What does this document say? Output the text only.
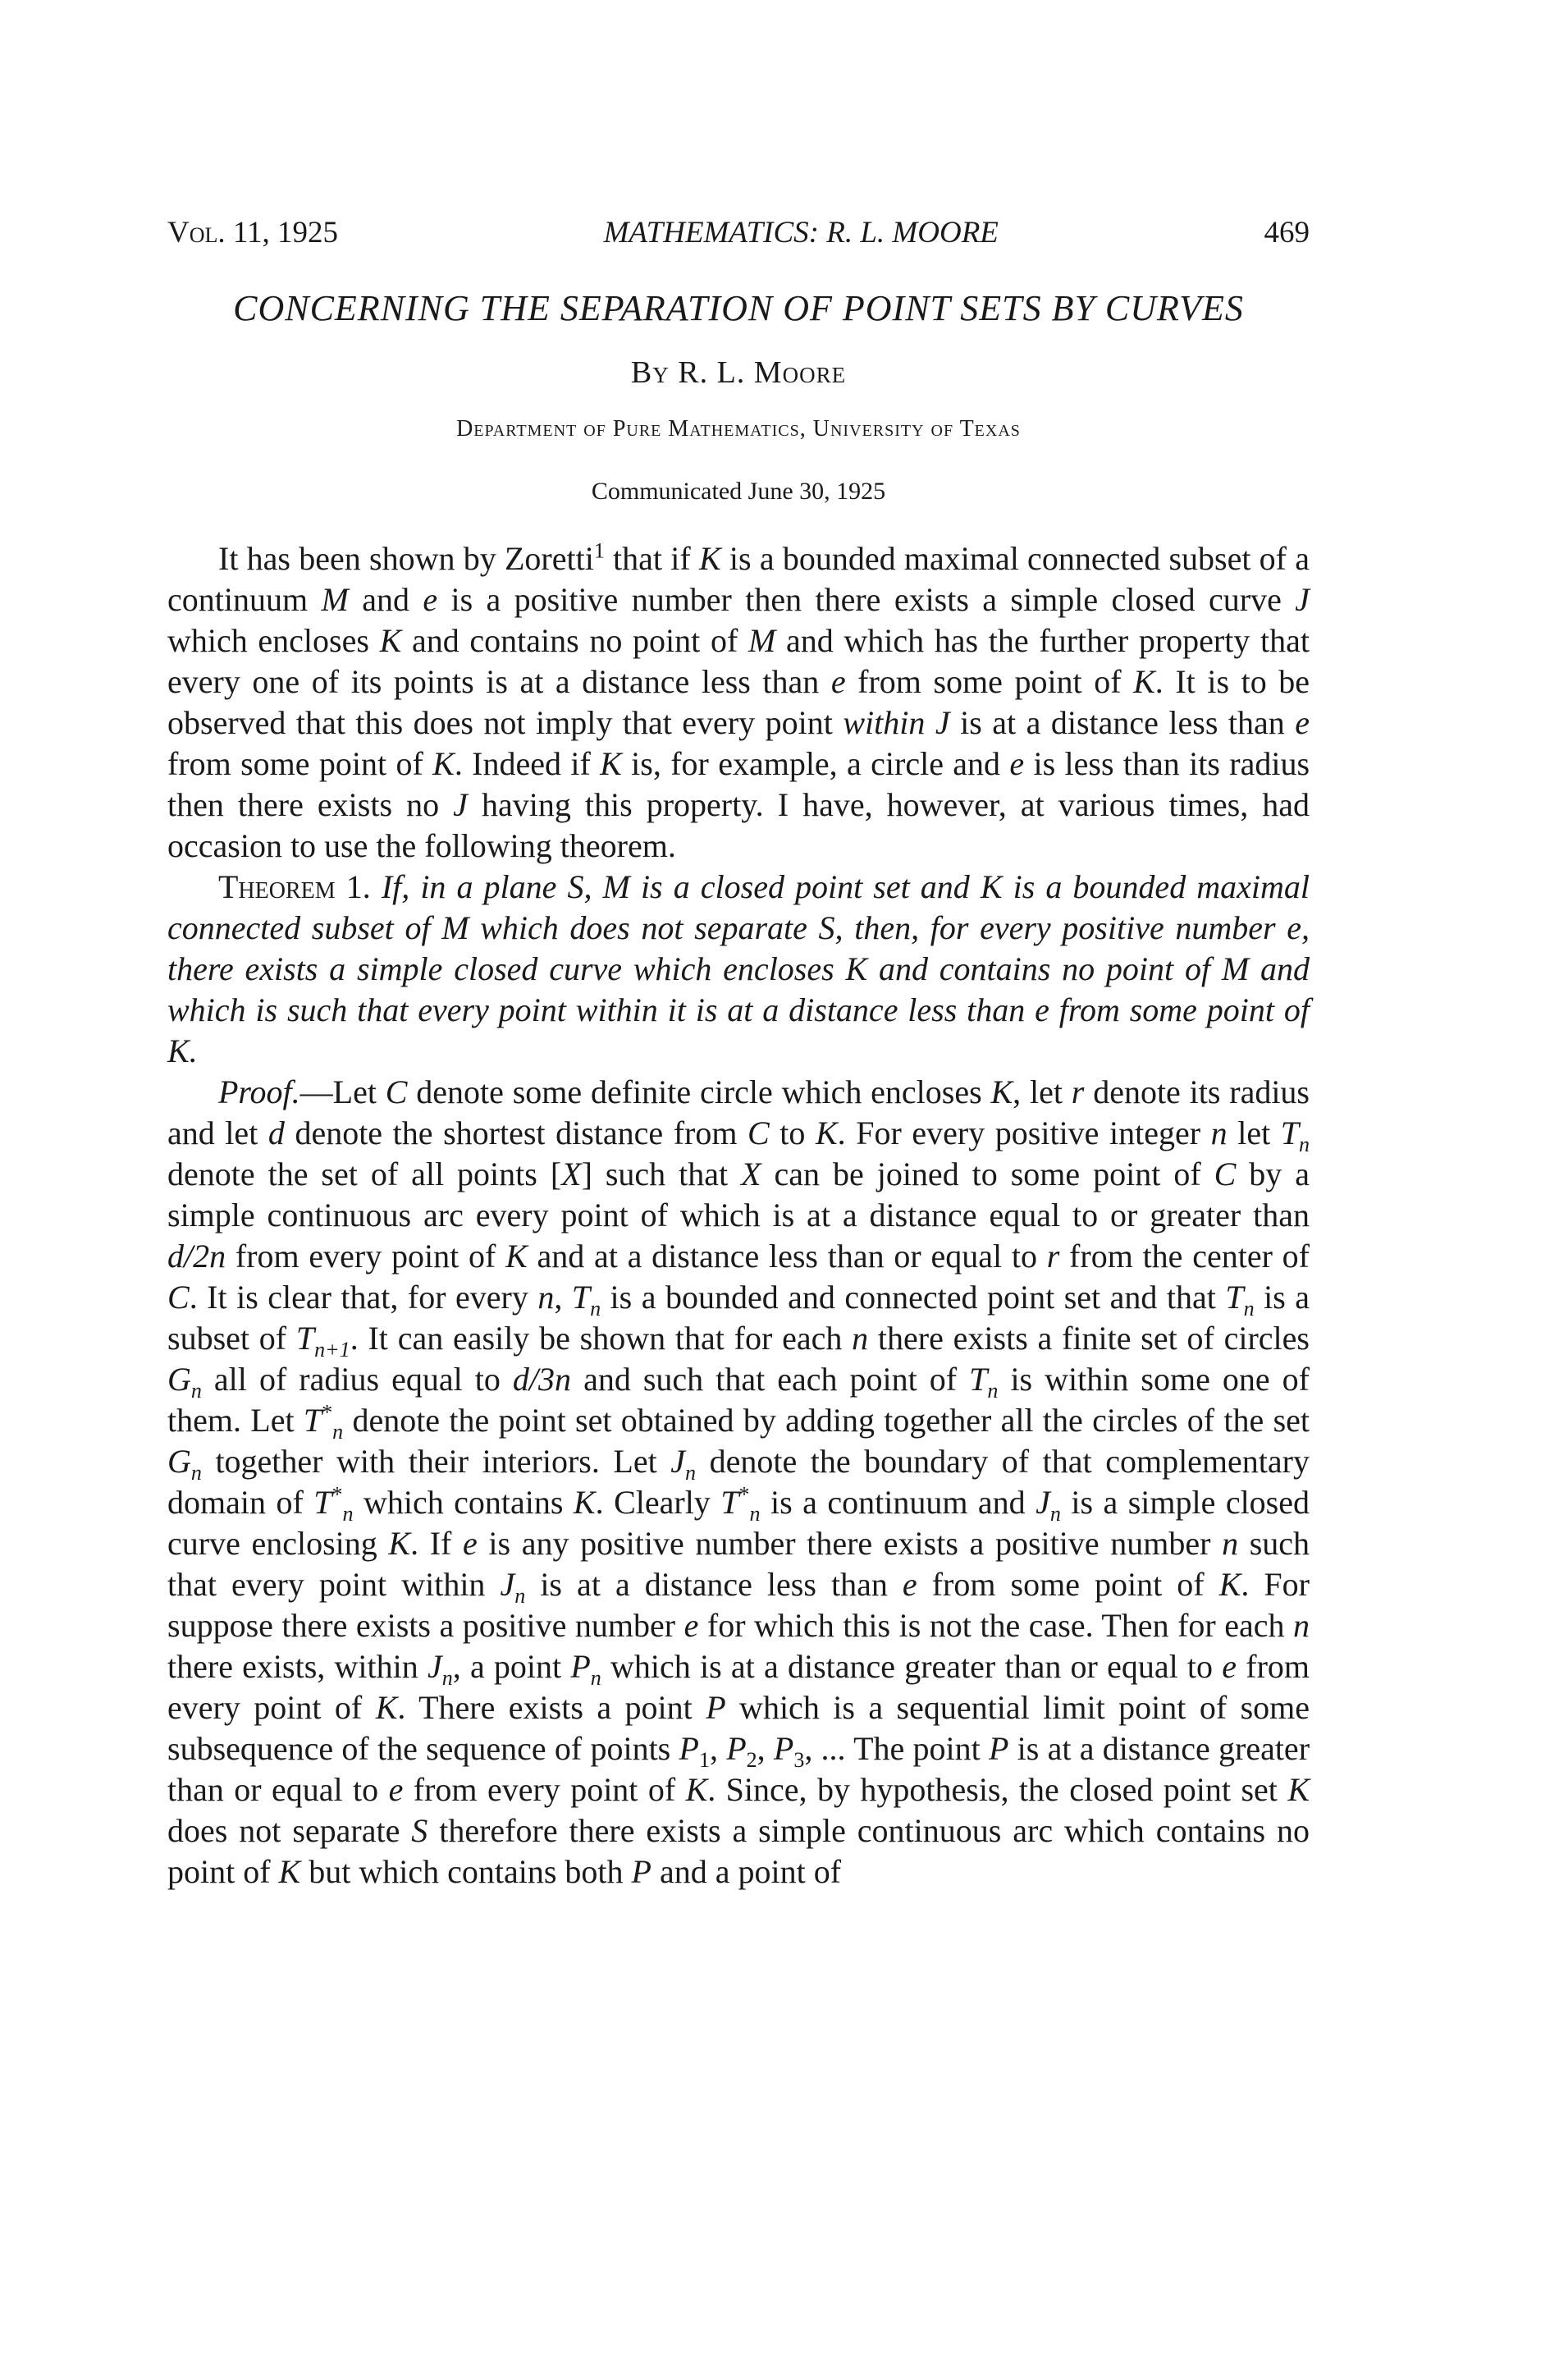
Vol. 11, 1925	MATHEMATICS: R. L. MOORE	469
CONCERNING THE SEPARATION OF POINT SETS BY CURVES
By R. L. Moore
Department of Pure Mathematics, University of Texas
Communicated June 30, 1925

It has been shown by Zoretti$^1$ that if K is a bounded maximal connected subset of a continuum M and e is a positive number then there exists a simple closed curve J which encloses K and contains no point of M and which has the further property that every one of its points is at a distance less than e from some point of K. It is to be observed that this does not imply that every point within J is at a distance less than e from some point of K. Indeed if K is, for example, a circle and e is less than its radius then there exists no J having this property. I have, however, at various times, had occasion to use the following theorem.

Theorem 1. If, in a plane S, M is a closed point set and K is a bounded maximal connected subset of M which does not separate S, then, for every positive number e, there exists a simple closed curve which encloses K and contains no point of M and which is such that every point within it is at a distance less than e from some point of K.

Proof.—Let C denote some definite circle which encloses K, let r denote its radius and let d denote the shortest distance from C to K. For every positive integer n let $T_n$ denote the set of all points [X] such that X can be joined to some point of C by a simple continuous arc every point of which is at a distance equal to or greater than d/2n from every point of K and at a distance less than or equal to r from the center of C. It is clear that, for every n, $T_n$ is a bounded and connected point set and that $T_n$ is a subset of $T_{n+1}$. It can easily be shown that for each n there exists a finite set of circles $G_n$ all of radius equal to d/3n and such that each point of $T_n$ is within some one of them. Let $T^*_n$ denote the point set obtained by adding together all the circles of the set $G_n$ together with their interiors. Let $J_n$ denote the boundary of that complementary domain of $T^*_n$ which contains K. Clearly $T^*_n$ is a continuum and $J_n$ is a simple closed curve enclosing K. If e is any positive number there exists a positive number n such that every point within $J_n$ is at a distance less than e from some point of K. For suppose there exists a positive number e for which this is not the case. Then for each n there exists, within $J_n$, a point $P_n$ which is at a distance greater than or equal to e from every point of K. There exists a point P which is a sequential limit point of some subsequence of the sequence of points $P_1$, $P_2$, $P_3$, ... The point P is at a distance greater than or equal to e from every point of K. Since, by hypothesis, the closed point set K does not separate S therefore there exists a simple continuous arc which contains no point of K but which contains both P and a point of
